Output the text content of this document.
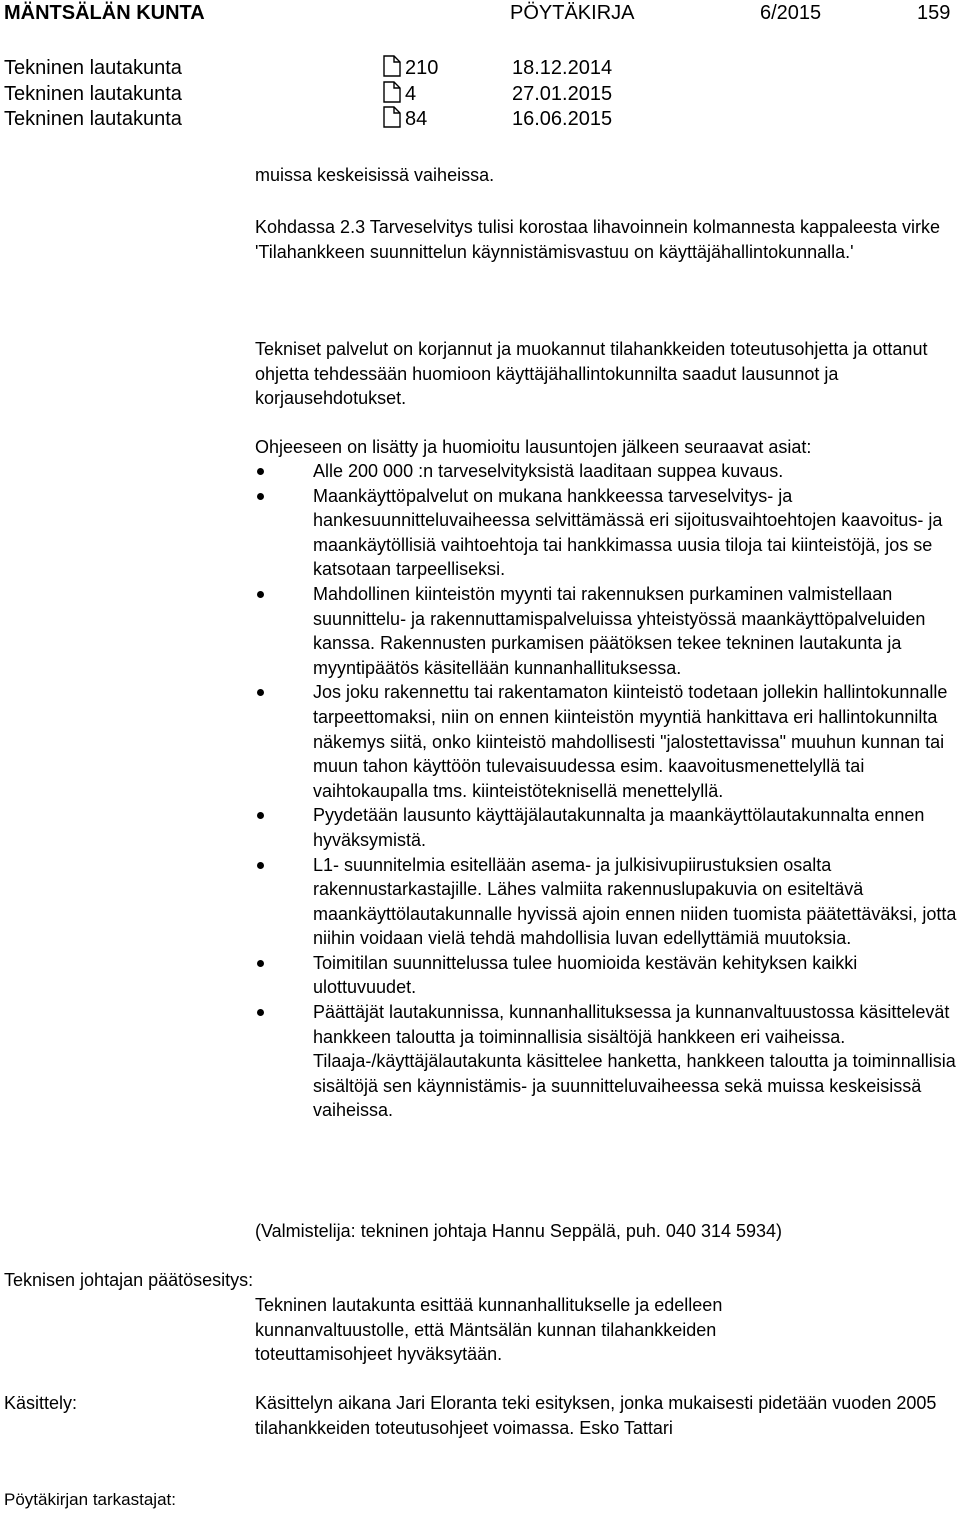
MÄNTSÄLÄN KUNTA	PÖYTÄKIRJA	6/2015	159
Tekninen lautakunta	210	18.12.2014
Tekninen lautakunta	4	27.01.2015
Tekninen lautakunta	84	16.06.2015
muissa keskeisissä vaiheissa.
Kohdassa 2.3 Tarveselvitys tulisi korostaa lihavoinnein kolmannesta kappaleesta virke 'Tilahankkeen suunnittelun käynnistämisvastuu on käyttäjähallintokunnalla.'
Tekniset palvelut on korjannut ja muokannut tilahankkeiden toteutusohjetta ja ottanut ohjetta tehdessään huomioon käyttäjähallintokunnilta saadut lausunnot ja korjausehdotukset.
Ohjeeseen on lisätty ja huomioitu lausuntojen jälkeen seuraavat asiat:
Alle 200 000 :n tarveselvityksistä laaditaan suppea kuvaus.
Maankäyttöpalvelut on mukana hankkeessa tarveselvitys- ja hankesuunnitteluvaiheessa selvittämässä eri sijoitusvaihtoehtojen kaavoitus- ja maankäytöllisiä vaihtoehtoja tai hankkimassa uusia tiloja tai kiinteistöjä, jos se katsotaan tarpeelliseksi.
Mahdollinen kiinteistön myynti tai rakennuksen purkaminen valmistellaan suunnittelu- ja rakennuttamispalveluissa yhteistyössä maankäyttöpalveluiden kanssa. Rakennusten purkamisen päätöksen tekee tekninen lautakunta ja myyntipäätös käsitellään kunnanhallituksessa.
Jos joku rakennettu tai rakentamaton kiinteistö todetaan jollekin hallintokunnalle tarpeettomaksi, niin on ennen kiinteistön myyntiä hankittava eri hallintokunnilta näkemys siitä, onko kiinteistö mahdollisesti "jalostettavissa" muuhun kunnan tai muun tahon käyttöön tulevaisuudessa esim. kaavoitusmenettelyllä tai vaihtokaupalla tms. kiinteistöteknisellä menettelyllä.
Pyydetään lausunto käyttäjälautakunnalta ja maankäyttölautakunnalta ennen hyväksymistä.
L1- suunnitelmia esitellään asema- ja julkisivupiirustuksien osalta rakennustarkastajille. Lähes valmiita rakennuslupakuvia on esiteltävä maankäyttölautakunnalle hyvissä ajoin ennen niiden tuomista päätettäväksi, jotta niihin voidaan vielä tehdä mahdollisia luvan edellyttämiä muutoksia.
Toimitilan suunnittelussa tulee huomioida kestävän kehityksen kaikki ulottuvuudet.
Päättäjät lautakunnissa, kunnanhallituksessa ja kunnanvaltuustossa käsittelevät hankkeen taloutta ja toiminnallisia sisältöjä hankkeen eri vaiheissa. Tilaaja-/käyttäjälautakunta käsittelee hanketta, hankkeen taloutta ja toiminnallisia sisältöjä sen käynnistämis- ja suunnitteluvaiheessa sekä muissa keskeisissä vaiheissa.
(Valmistelija: tekninen johtaja Hannu Seppälä, puh. 040 314 5934)
Teknisen johtajan päätösesitys:
Tekninen lautakunta esittää kunnanhallitukselle ja edelleen kunnanvaltuustolle, että Mäntsälän kunnan tilahankkeiden toteuttamisohjeet hyväksytään.
Käsittely:	Käsittelyn aikana Jari Eloranta teki esityksen, jonka mukaisesti pidetään vuoden 2005 tilahankkeiden toteutusohjeet voimassa. Esko Tattari
Pöytäkirjan tarkastajat:
